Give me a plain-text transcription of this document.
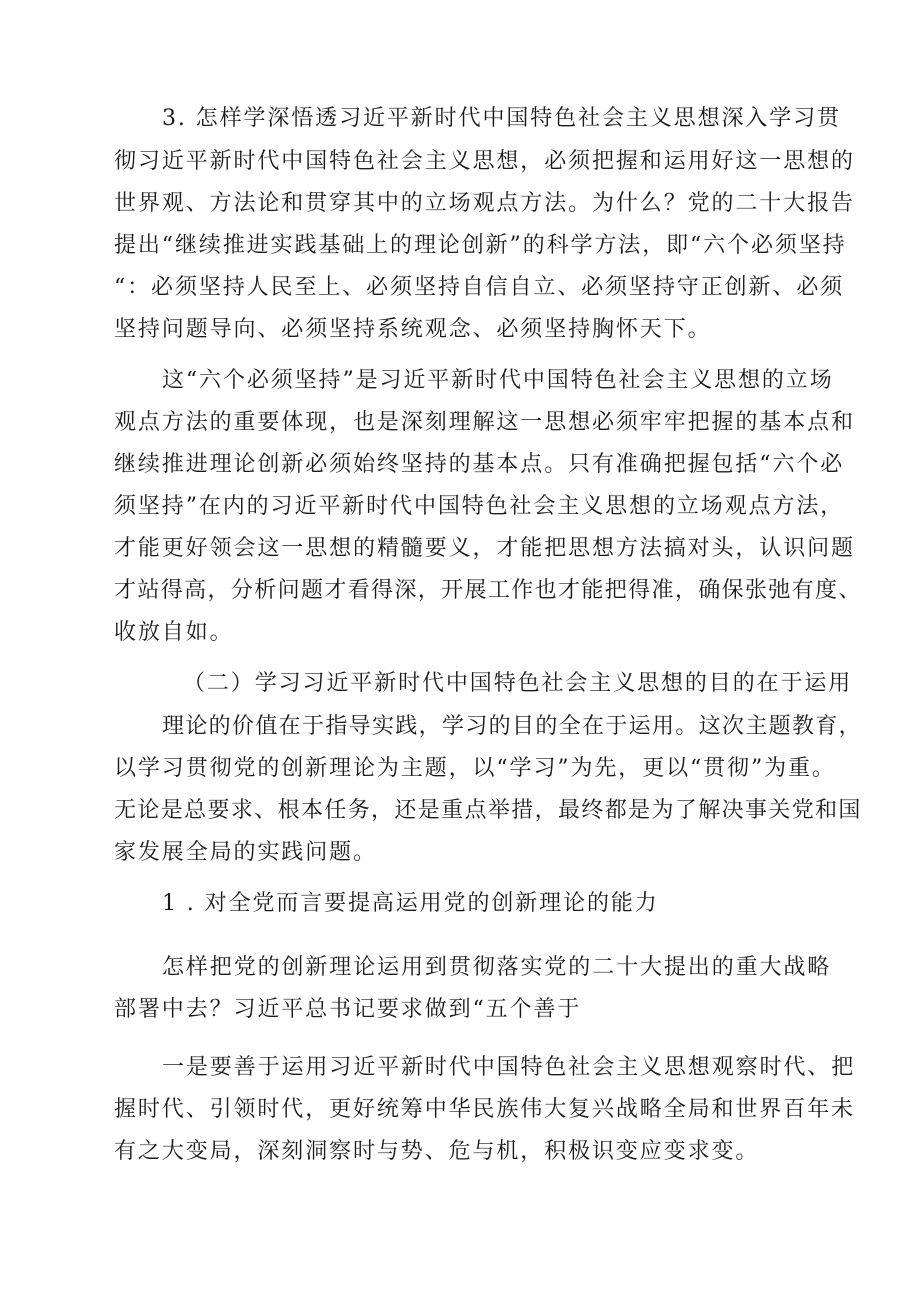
3. 怎样学深悟透习近平新时代中国特色社会主义思想深入学习贯
彻习近平新时代中国特色社会主义思想，必须把握和运用好这一思想的
世界观、方法论和贯穿其中的立场观点方法。为什么？党的二十大报告
提出“继续推进实践基础上的理论创新”的科学方法，即“六个必须坚持
“：必须坚持人民至上、必须坚持自信自立、必须坚持守正创新、必须
坚持问题导向、必须坚持系统观念、必须坚持胸怀天下。
这“六个必须坚持”是习近平新时代中国特色社会主义思想的立场
观点方法的重要体现，也是深刻理解这一思想必须牢牢把握的基本点和
继续推进理论创新必须始终坚持的基本点。只有准确把握包括“六个必
须坚持”在内的习近平新时代中国特色社会主义思想的立场观点方法，
才能更好领会这一思想的精髓要义，才能把思想方法搞对头，认识问题
才站得高，分析问题才看得深，开展工作也才能把得准，确保张弛有度、
收放自如。
（二）学习习近平新时代中国特色社会主义思想的目的在于运用
理论的价值在于指导实践，学习的目的全在于运用。这次主题教育，
以学习贯彻党的创新理论为主题，以“学习”为先，更以“贯彻”为重。
无论是总要求、根本任务，还是重点举措，最终都是为了解决事关党和国
家发展全局的实践问题。
1 . 对全党而言要提高运用党的创新理论的能力
怎样把党的创新理论运用到贯彻落实党的二十大提出的重大战略
部署中去？习近平总书记要求做到“五个善于
一是要善于运用习近平新时代中国特色社会主义思想观察时代、把
握时代、引领时代，更好统筹中华民族伟大复兴战略全局和世界百年未
有之大变局，深刻洞察时与势、危与机，积极识变应变求变。
